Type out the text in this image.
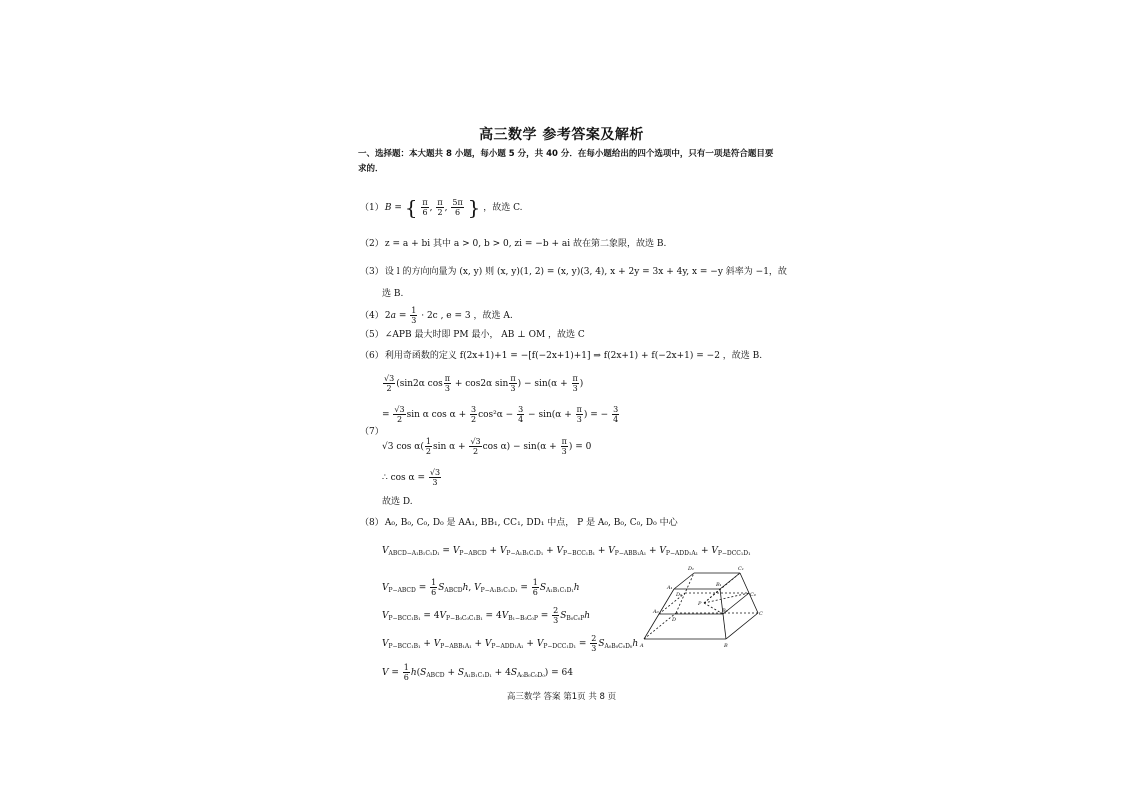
高三数学 参考答案及解析
一、选择题：本大题共 8 小题，每小题 5 分，共 40 分．在每小题给出的四个选项中，只有一项是符合题目要求的．
（1） B = { $\frac{\pi}{6}$ , $\frac{\pi}{2}$ , $\frac{5\pi}{6}$ } ，故选 C.
（2） z = a + bi 其中 a > 0, b > 0, zi = −b + ai 故在第二象限，故选 B.
（3） 设 l 的方向向量为 (x, y) 则 (x, y)(1, 2) = (x, y)(3, 4), x + 2y = 3x + 4y, x = −y 斜率为 −1，故
选 B.
（4） $2a = \frac{1}{3} \cdot 2c$ , e = 3 ，故选 A.
（5） ∠APB 最大时即 PM 最小， AB ⊥ OM ，故选 C
（6） 利用奇函数的定义 f(2x+1)+1 = −[f(−2x+1)+1] ⇒ f(2x+1) + f(−2x+1) = −2 ，故选 B.
（7）
$\frac{√3}{2} (\sin 2\alpha$ $\cos \frac{\pi}{3} + \cos 2\alpha$ $\sin \frac{\pi}{3}$ ) − $\sin(\alpha + \frac{\pi}{3}$ )
= $\frac{√3}{2}$ sin α $\cos \alpha + \frac{3}{2} \cos^2\alpha - \frac{3}{4} - \sin(\alpha + \frac{\pi}{3}$ ) = − $\frac{3}{4}$
√3 $\cos \alpha( \frac{1}{2}$ $\sin \alpha + \frac{√3}{2}$ $\cos \alpha) - \sin(\alpha + \frac{\pi}{3}$ ) = 0
∴ $\cos \alpha = \frac{√3}{3}$
故选 D.
（8） A₀, B₀, C₀, D₀ 是 AA₁, BB₁, CC₁, DD₁ 中点， P 是 A₀, B₀, C₀, D₀ 中心
$V_{ABCD-A_1B_1C_1D_1} = V_{P-ABCD} + V_{P-A_1B_1C_1D_1} + V_{P-BCC_1B_1} + V_{P-ABB_1A_1} + V_{P-ADD_1A_1} + V_{P-DCC_1D_1}$
$V_{P-ABCD} = \frac{1}{6} S_{ABCD}h$, $V_{P-A_1B_1C_1D_1} = \frac{1}{6} S_{A_1B_1C_1D_1}h$
$V_{P-BCC_1B_1} = 4V_{P-B_0C_0C_1B_1} = 4V_{B_1-B_0C_0P} = \frac{2}{3} S_{B_0C_0P}h$
$V_{P-BCC_1B_1} + V_{P-ABB_1A_1} + V_{P-ADD_1A_1} + V_{P-DCC_1D_1} = \frac{2}{3} S_{A_0B_0C_0D_0}h$
$V = \frac{1}{6} h(S_{ABCD} + S_{A_1B_1C_1D_1} + 4S_{A_0B_0C_0D_0}) = 64$
D₁	C₁
A₁	B₁
D₀	C₀
A₀	B₀
P
D
C
A	B
高三数学 答案 第1页 共 8 页
